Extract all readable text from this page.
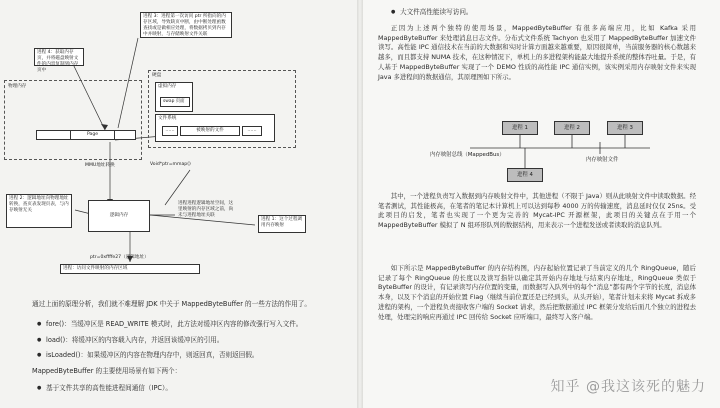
进程 3：进程第一次访问 ptr 所指向的内存区域，导致缺页中断，由中断处理函数查找或是做相应处理，将数据拷贝到内存中并映射，与存储映射文件关联
进程 4：获取内存页，并将磁盘映射文件的内容复制到内存页中
硬盘
虚拟内存
swap 页面
文件系统
……	被映射的文件	……
物理内存
Page
MMU地址转换	Void*ptr=mmap()
进程 2：逻辑地址向物理地址转换，查页表发现页表，与内存映射无关
逻辑内存
进程进程逻辑地址空间，这里映射的内存区域之前，尚未与进程地址关联
进程 1：这个过程调用内存映射
ptr=0xffffe27（逻辑地址）
进程：访问文件映射的内存区域
通过上面的原理分析，我们就不难理解 JDK 中关于 MappedByteBuffer 的一些方法的作用了。
● fore()：当缓冲区是 READ_WRITE 模式时，此方法对缓冲区内容的修改强行写入文件。
● load()：将缓冲区的内容载入内存，并返回该缓冲区的引用。
● isLoaded()：如果缓冲区的内容在物理内存中，则返回真，否则返回假。
MappedByteBuffer 的主要使用场景有如下两个：
● 基于文件共享的高性能进程间通信（IPC）。
● 大文件高性能读写访问。
正因为上述两个独特的使用场景，MappedByteBuffer 有很多高端应用，比如 Kafka 采用 MappedByteBuffer 来处理消息日志文件。分布式文件系统 Tachyon 也采用了 MappedByteBuffer 加速文件读写。高性能 IPC 通信技术在当前的大数据和实时计算方面越来越重要，原因很简单，当前服务器的核心数越来越多，而且都支持 NUMA 技术，在这种情况下，单机上的多进程架构能最大地提升系统的整体吞吐量。于是，有人基于 MappedByteBuffer 实现了一个 DEMO 性质的高性能 IPC 通信实例，该实例采用内存映射文件来实现 Java 多进程间的数据通信，其原理图如下所示。
进程 1	进程 2	进程 3
进程 4
内存映射总线（MappedBus）
内存映射文件
其中，一个进程负责写入数据到内存映射文件中，其他进程（不限于 Java）则从此映射文件中读取数据。经笔者测试，其性能极高，在笔者的笔记本计算机上可以达到每秒 4000 万的传输速度，消息延时仅仅 25ns。受此项目的启发，笔者也实现了一个更为完善的 Mycat-IPC 开源框架，此项目的关键点在于用一个 MappedByteBuffer 模拟了 N 组环形队列的数据结构，用来表示一个进程发送或者读取的消息队列。
如下所示是 MappedByteBuffer 的内存结构图，内存起始位置记录了当前定义的几个 RingQueue，随后记录了每个 RingQueue 的长度以及读写指针以确定其开始内存地址与结束内存地址，RingQueue 类似于 ByteBuffer 的设计，有记录读写内存位置的变量，而数据写入队列中的每个“消息”都有两个字节的长度，消息体本身，以及下个消息的开始位置 Flag（继续当前位置还是已经到头，从头开始），笔者计划未来将 Mycat 拆成多进程的架构，一个进程负责接收客户端的 Socket 请求，然后把数据通过 IPC 框架分发给后面几个独立的进程去处理，处理完的响应再通过 IPC 回传给 Socket 应听端口，最终写入客户端。
知乎 @我这该死的魅力
